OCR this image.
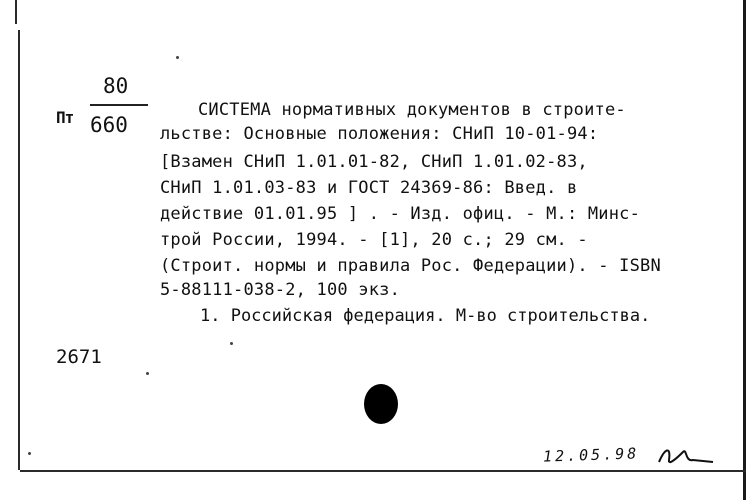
Пт
80
660
СИСТЕМА нормативных документов в строите-
льстве: Основные положения: СНиП 10-01-94:
[Взамен СНиП 1.01.01-82, СНиП 1.01.02-83,
СНиП 1.01.03-83 и ГОСТ 24369-86: Введ. в
действие 01.01.95 ] . - Изд. офиц. - М.: Минс-
трой России, 1994. - [1], 20 с.; 29 см. -
(Строит. нормы и правила Рос. Федерации). - ISBN
5-88111-038-2, 100 экз.
1. Российская федерация. М-во строительства.
2671
12.05.98
